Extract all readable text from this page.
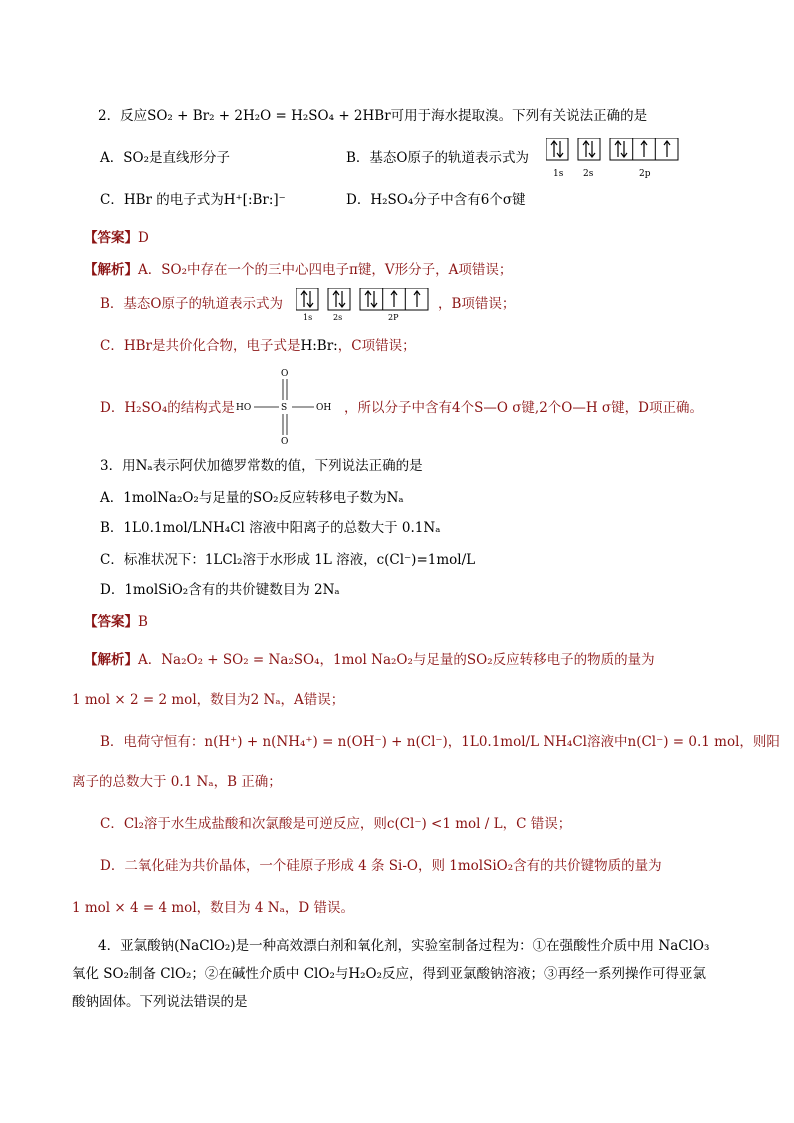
2．反应SO₂ + Br₂ + 2H₂O = H₂SO₄ + 2HBr可用于海水提取溴。下列有关说法正确的是
A．SO₂是直线形分子	B．基态O原子的轨道表示式为
1s 2s	2p
C．HBr 的电子式为H⁺[:Br:]⁻	D．H₂SO₄分子中含有6个σ键
【答案】D
【解析】A．SO₂中存在一个的三中心四电子π键，V形分子，A项错误；
B．基态O原子的轨道表示式为
1s	2s	2P
，B项错误；
C．HBr是共价化合物，电子式是H:Br:，C项错误；
D．H₂SO₄的结构式是
O
HO	S	OH
O
，所以分子中含有4个S—O σ键,2个O—H σ键，D项正确。
3．用Nₐ表示阿伏加德罗常数的值，下列说法正确的是
A．1molNa₂O₂与足量的SO₂反应转移电子数为Nₐ
B．1L0.1mol/LNH₄Cl 溶液中阳离子的总数大于 0.1Nₐ
C．标准状况下：1LCl₂溶于水形成 1L 溶液，c(Cl⁻)=1mol/L
D．1molSiO₂含有的共价键数目为 2Nₐ
【答案】B
【解析】A．Na₂O₂ + SO₂ = Na₂SO₄，1mol Na₂O₂与足量的SO₂反应转移电子的物质的量为
1 mol × 2 = 2 mol，数目为2 Nₐ，A错误；
B．电荷守恒有：n(H⁺) + n(NH₄⁺) = n(OH⁻) + n(Cl⁻)，1L0.1mol/L NH₄Cl溶液中n(Cl⁻) = 0.1 mol，则阳
离子的总数大于 0.1 Nₐ，B 正确；
C．Cl₂溶于水生成盐酸和次氯酸是可逆反应，则c(Cl⁻) <1 mol / L，C 错误；
D．二氧化硅为共价晶体，一个硅原子形成 4 条 Si-O，则 1molSiO₂含有的共价键物质的量为
1 mol × 4 = 4 mol，数目为 4 Nₐ，D 错误。
4．亚氯酸钠(NaClO₂)是一种高效漂白剂和氧化剂，实验室制备过程为：①在强酸性介质中用 NaClO₃
氧化 SO₂制备 ClO₂；②在碱性介质中 ClO₂与H₂O₂反应，得到亚氯酸钠溶液；③再经一系列操作可得亚氯
酸钠固体。下列说法错误的是
